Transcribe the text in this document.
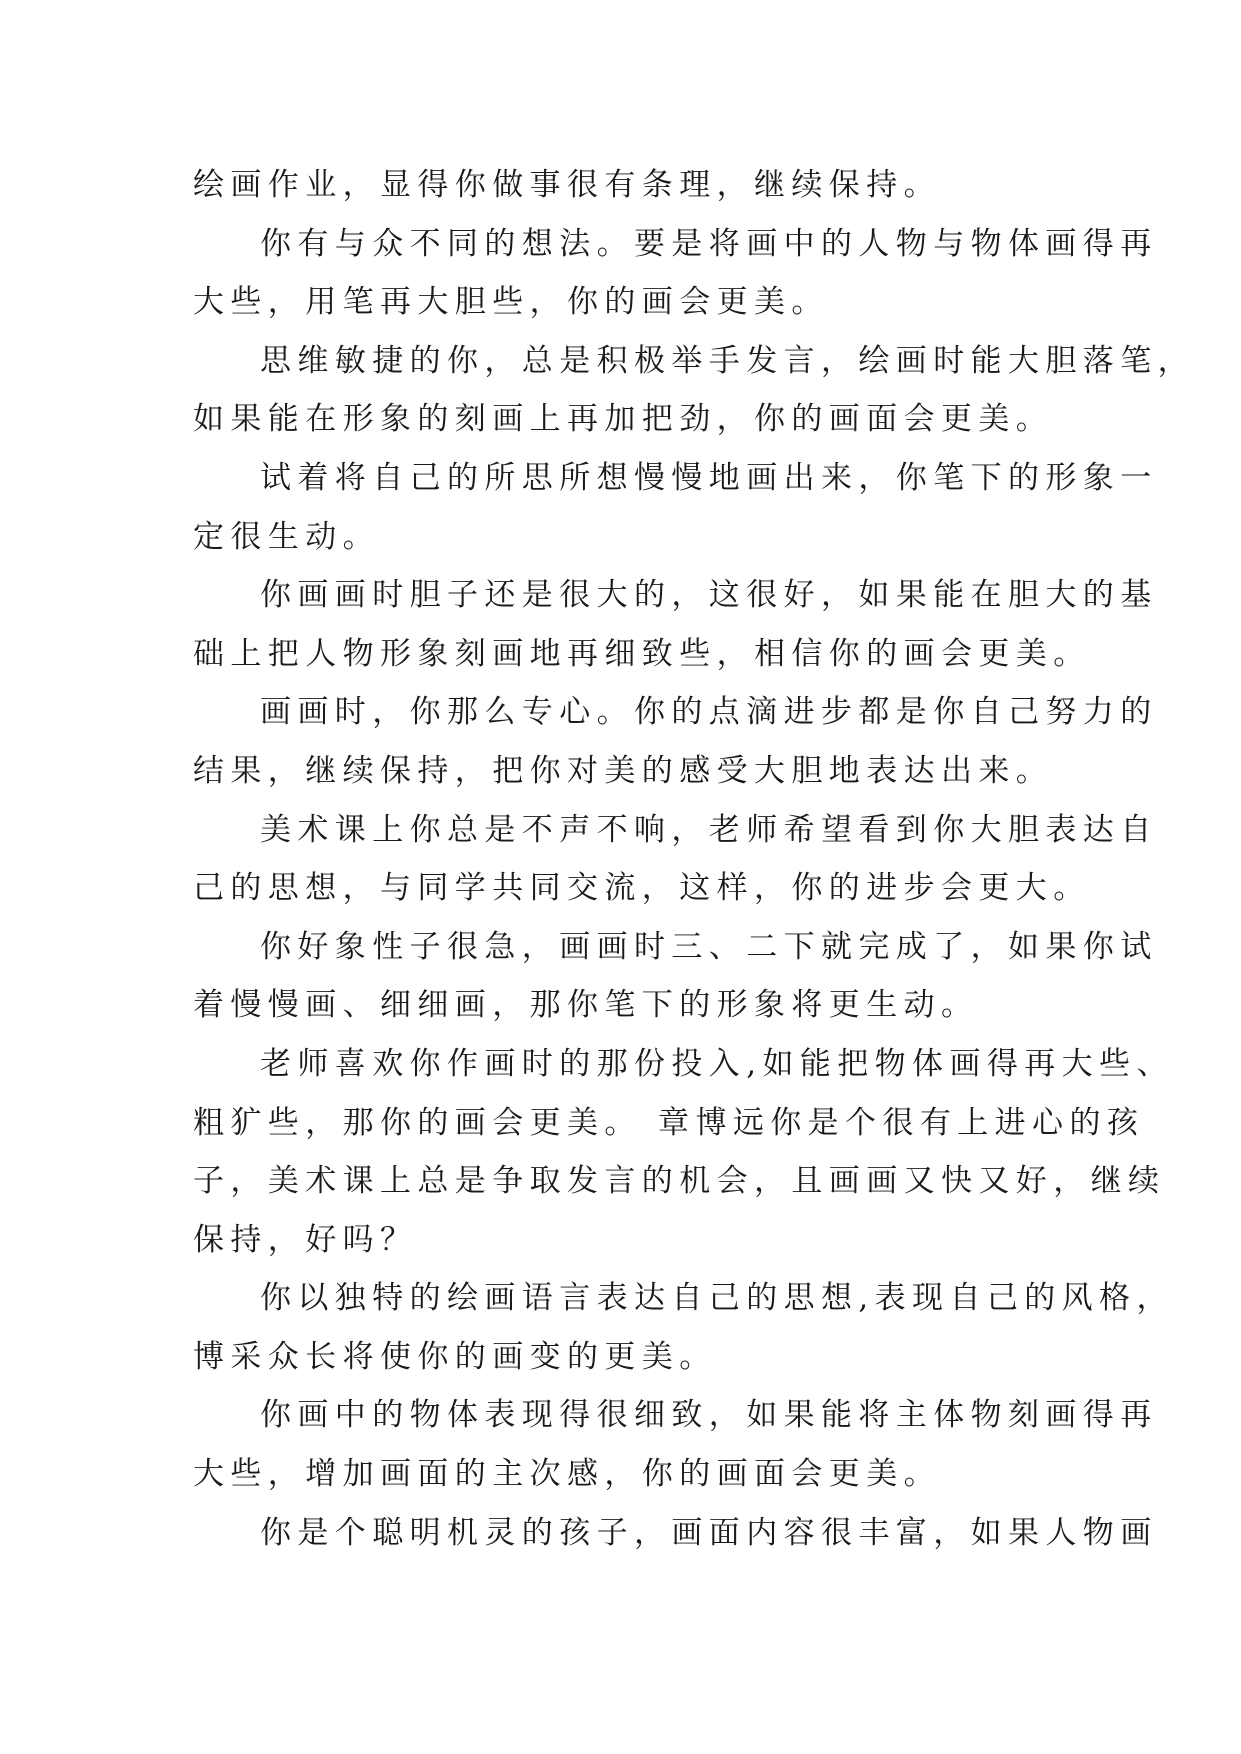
绘画作业，显得你做事很有条理，继续保持。
你有与众不同的想法。要是将画中的人物与物体画得再
大些，用笔再大胆些，你的画会更美。
思维敏捷的你，总是积极举手发言，绘画时能大胆落笔，
如果能在形象的刻画上再加把劲，你的画面会更美。
试着将自己的所思所想慢慢地画出来，你笔下的形象一
定很生动。
你画画时胆子还是很大的，这很好，如果能在胆大的基
础上把人物形象刻画地再细致些，相信你的画会更美。
画画时，你那么专心。你的点滴进步都是你自己努力的
结果，继续保持，把你对美的感受大胆地表达出来。
美术课上你总是不声不响，老师希望看到你大胆表达自
己的思想，与同学共同交流，这样，你的进步会更大。
你好象性子很急，画画时三、二下就完成了，如果你试
着慢慢画、细细画，那你笔下的形象将更生动。
老师喜欢你作画时的那份投入,如能把物体画得再大些、
粗犷些，那你的画会更美。 章博远你是个很有上进心的孩
子，美术课上总是争取发言的机会，且画画又快又好，继续
保持，好吗？
你以独特的绘画语言表达自己的思想,表现自己的风格，
博采众长将使你的画变的更美。
你画中的物体表现得很细致，如果能将主体物刻画得再
大些，增加画面的主次感，你的画面会更美。
你是个聪明机灵的孩子，画面内容很丰富，如果人物画
